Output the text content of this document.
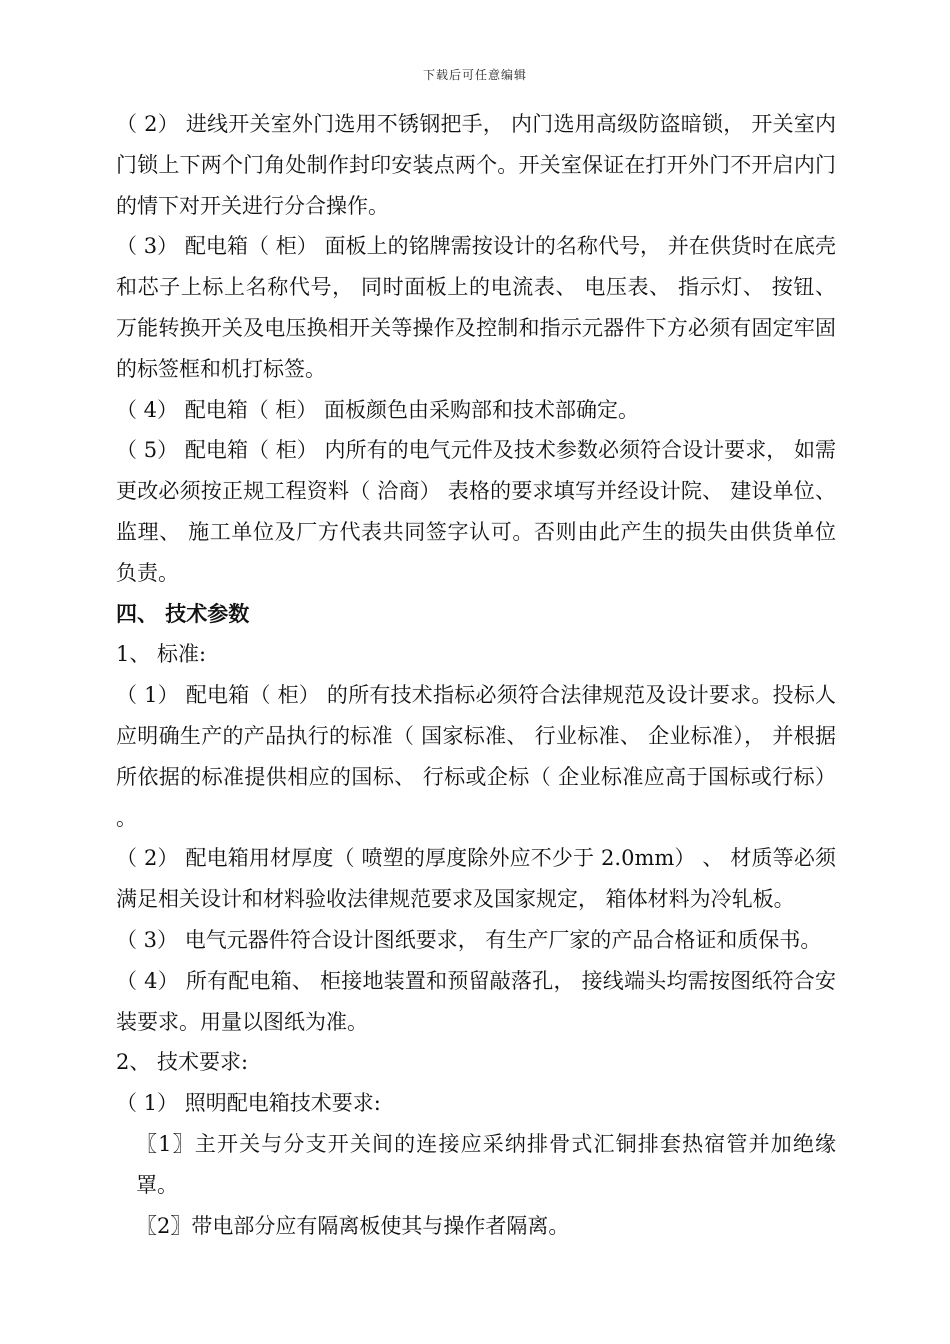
下载后可任意编辑

（ 2） 进线开关室外门选用不锈钢把手， 内门选用高级防盗暗锁， 开关室内门锁上下两个门角处制作封印安装点两个。开关室保证在打开外门不开启内门的情下对开关进行分合操作。

（ 3） 配电箱（ 柜） 面板上的铭牌需按设计的名称代号， 并在供货时在底壳和芯子上标上名称代号， 同时面板上的电流表、 电压表、 指示灯、 按钮、 万能转换开关及电压换相开关等操作及控制和指示元器件下方必须有固定牢固的标签框和机打标签。

（ 4） 配电箱（ 柜） 面板颜色由采购部和技术部确定。

（ 5） 配电箱（ 柜） 内所有的电气元件及技术参数必须符合设计要求， 如需更改必须按正规工程资料（ 洽商） 表格的要求填写并经设计院、 建设单位、 监理、 施工单位及厂方代表共同签字认可。否则由此产生的损失由供货单位负责。

四、 技术参数

1、 标准:

（ 1） 配电箱（ 柜） 的所有技术指标必须符合法律规范及设计要求。投标人应明确生产的产品执行的标准（ 国家标准、 行业标准、 企业标准）， 并根据所依据的标准提供相应的国标、 行标或企标（ 企业标准应高于国标或行标） 。

（ 2） 配电箱用材厚度（ 喷塑的厚度除外应不少于 2.0mm） 、 材质等必须满足相关设计和材料验收法律规范要求及国家规定， 箱体材料为冷轧板。

（ 3） 电气元器件符合设计图纸要求， 有生产厂家的产品合格证和质保书。

（ 4） 所有配电箱、 柜接地装置和预留敲落孔， 接线端头均需按图纸符合安装要求。用量以图纸为准。

2、 技术要求:

（ 1） 照明配电箱技术要求:

〖1〗主开关与分支开关间的连接应采纳排骨式汇铜排套热宿管并加绝缘罩。

〖2〗带电部分应有隔离板使其与操作者隔离。
